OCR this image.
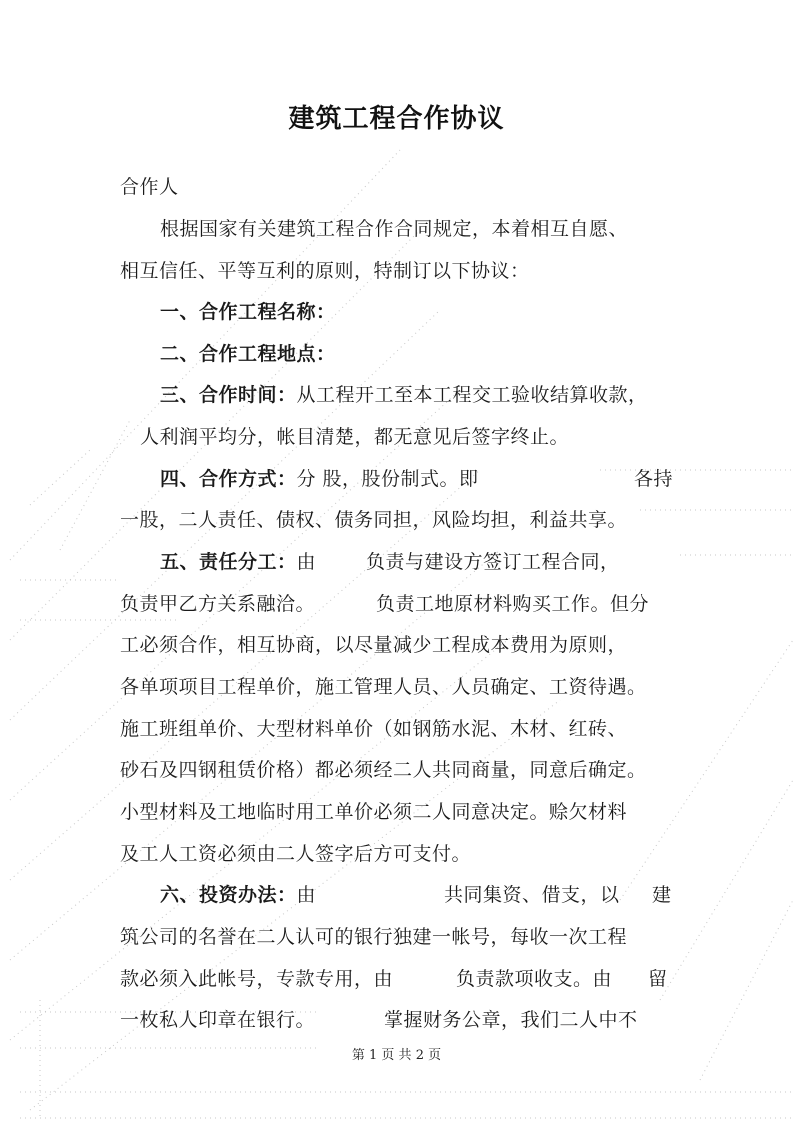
建筑工程合作协议
合作人
根据国家有关建筑工程合作合同规定，本着相互自愿、
相互信任、平等互利的原则，特制订以下协议：
一、合作工程名称：
二、合作工程地点：
三、合作时间：从工程开工至本工程交工验收结算收款，
人利润平均分，帐目清楚，都无意见后签字终止。
四、合作方式：分 股，股份制式。即	各持
一股，二人责任、债权、债务同担，风险均担，利益共享。
五、责任分工：由	负责与建设方签订工程合同，
负责甲乙方关系融洽。	负责工地原材料购买工作。但分
工必须合作，相互协商，以尽量减少工程成本费用为原则，
各单项项目工程单价，施工管理人员、人员确定、工资待遇。
施工班组单价、大型材料单价（如钢筋水泥、木材、红砖、
砂石及四钢租赁价格）都必须经二人共同商量，同意后确定。
小型材料及工地临时用工单价必须二人同意决定。赊欠材料
及工人工资必须由二人签字后方可支付。
六、投资办法：由	共同集资、借支，以 建
筑公司的名誉在二人认可的银行独建一帐号，每收一次工程
款必须入此帐号，专款专用，由	负责款项收支。由 留
一枚私人印章在银行。	掌握财务公章，我们二人中不
第 1 页 共 2 页
